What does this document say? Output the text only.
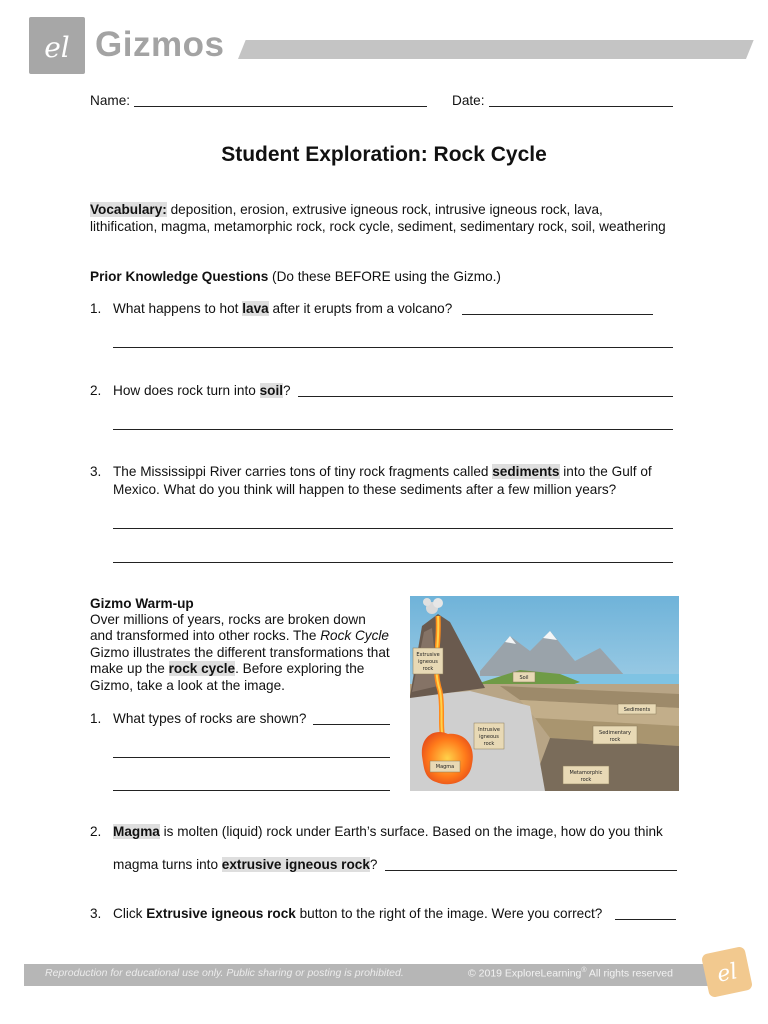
el Gizmos
Name:	Date:
Student Exploration: Rock Cycle
Vocabulary: deposition, erosion, extrusive igneous rock, intrusive igneous rock, lava,
lithification, magma, metamorphic rock, rock cycle, sediment, sedimentary rock, soil, weathering
Prior Knowledge Questions (Do these BEFORE using the Gizmo.)
1. What happens to hot lava after it erupts from a volcano?
2. How does rock turn into soil?
3. The Mississippi River carries tons of tiny rock fragments called sediments into the Gulf of
Mexico. What do you think will happen to these sediments after a few million years?
Gizmo Warm-up
Over millions of years, rocks are broken down
and transformed into other rocks. The Rock Cycle
Gizmo illustrates the different transformations that
make up the rock cycle. Before exploring the
Gizmo, take a look at the image.
1. What types of rocks are shown?
Extrusive
igneous
rock
Soil
Sediments
Intrusive
igneous
rock
Sedimentary
rock
Magma
Metamorphic
rock
2. Magma is molten (liquid) rock under Earth’s surface. Based on the image, how do you think
magma turns into extrusive igneous rock?
3. Click Extrusive igneous rock button to the right of the image. Were you correct?
Reproduction for educational use only. Public sharing or posting is prohibited.	© 2019 ExploreLearning® All rights reserved el
